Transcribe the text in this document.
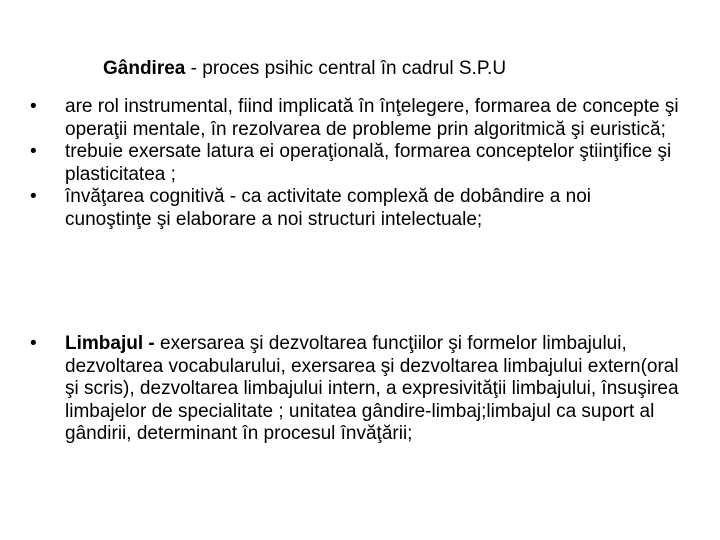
Gândirea - proces psihic central în cadrul S.P.U
•	are rol instrumental, fiind implicată în înţelegere, formarea de concepte şi operaţii mentale, în rezolvarea de probleme prin algoritmică şi euristică;
•	trebuie exersate latura ei operaţională, formarea conceptelor ştiinţifice şi plasticitatea ;
•	învăţarea cognitivă - ca activitate complexă de dobândire a noi cunoştinţe şi elaborare a noi structuri intelectuale;
•	Limbajul - exersarea şi dezvoltarea funcţiilor şi formelor limbajului, dezvoltarea vocabularului, exersarea şi dezvoltarea limbajului extern(oral şi scris), dezvoltarea limbajului intern, a expresivităţii limbajului, însuşirea limbajelor de specialitate ; unitatea gândire-limbaj;limbajul ca suport al gândirii, determinant în procesul învăţării;
